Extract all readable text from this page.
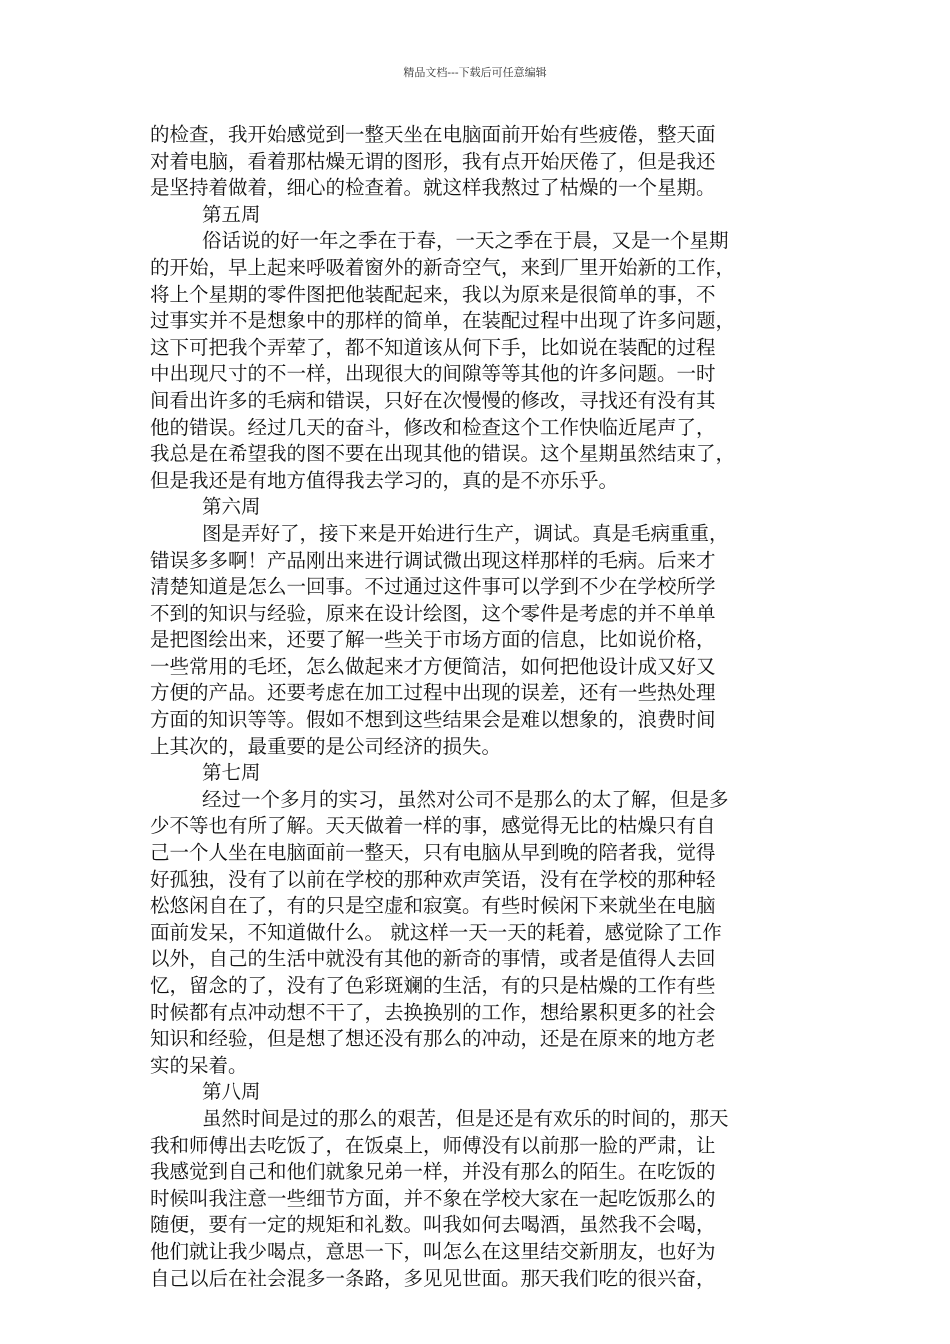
精品文档---下载后可任意编辑
的检查，我开始感觉到一整天坐在电脑面前开始有些疲倦，整天面
对着电脑，看着那枯燥无谓的图形，我有点开始厌倦了，但是我还
是坚持着做着，细心的检查着。就这样我熬过了枯燥的一个星期。
第五周
俗话说的好一年之季在于春，一天之季在于晨，又是一个星期
的开始，早上起来呼吸着窗外的新奇空气，来到厂里开始新的工作，
将上个星期的零件图把他装配起来，我以为原来是很简单的事，不
过事实并不是想象中的那样的简单，在装配过程中出现了许多问题，
这下可把我个弄荤了，都不知道该从何下手，比如说在装配的过程
中出现尺寸的不一样，出现很大的间隙等等其他的许多问题。一时
间看出许多的毛病和错误，只好在次慢慢的修改，寻找还有没有其
他的错误。经过几天的奋斗，修改和检查这个工作快临近尾声了，
我总是在希望我的图不要在出现其他的错误。这个星期虽然结束了，
但是我还是有地方值得我去学习的，真的是不亦乐乎。
第六周
图是弄好了，接下来是开始进行生产，调试。真是毛病重重，
错误多多啊！产品刚出来进行调试微出现这样那样的毛病。后来才
清楚知道是怎么一回事。不过通过这件事可以学到不少在学校所学
不到的知识与经验，原来在设计绘图，这个零件是考虑的并不单单
是把图绘出来，还要了解一些关于市场方面的信息，比如说价格，
一些常用的毛坯，怎么做起来才方便简洁，如何把他设计成又好又
方便的产品。还要考虑在加工过程中出现的误差，还有一些热处理
方面的知识等等。假如不想到这些结果会是难以想象的，浪费时间
上其次的，最重要的是公司经济的损失。
第七周
经过一个多月的实习，虽然对公司不是那么的太了解，但是多
少不等也有所了解。天天做着一样的事，感觉得无比的枯燥只有自
己一个人坐在电脑面前一整天，只有电脑从早到晚的陪者我，觉得
好孤独，没有了以前在学校的那种欢声笑语，没有在学校的那种轻
松悠闲自在了，有的只是空虚和寂寞。有些时候闲下来就坐在电脑
面前发呆，不知道做什么。 就这样一天一天的耗着，感觉除了工作
以外，自己的生活中就没有其他的新奇的事情，或者是值得人去回
忆，留念的了，没有了色彩斑斓的生活，有的只是枯燥的工作有些
时候都有点冲动想不干了，去换换别的工作，想给累积更多的社会
知识和经验，但是想了想还没有那么的冲动，还是在原来的地方老
实的呆着。
第八周
虽然时间是过的那么的艰苦，但是还是有欢乐的时间的，那天
我和师傅出去吃饭了，在饭桌上，师傅没有以前那一脸的严肃，让
我感觉到自己和他们就象兄弟一样，并没有那么的陌生。在吃饭的
时候叫我注意一些细节方面，并不象在学校大家在一起吃饭那么的
随便，要有一定的规矩和礼数。叫我如何去喝酒，虽然我不会喝，
他们就让我少喝点，意思一下，叫怎么在这里结交新朋友，也好为
自己以后在社会混多一条路，多见见世面。那天我们吃的很兴奋，
